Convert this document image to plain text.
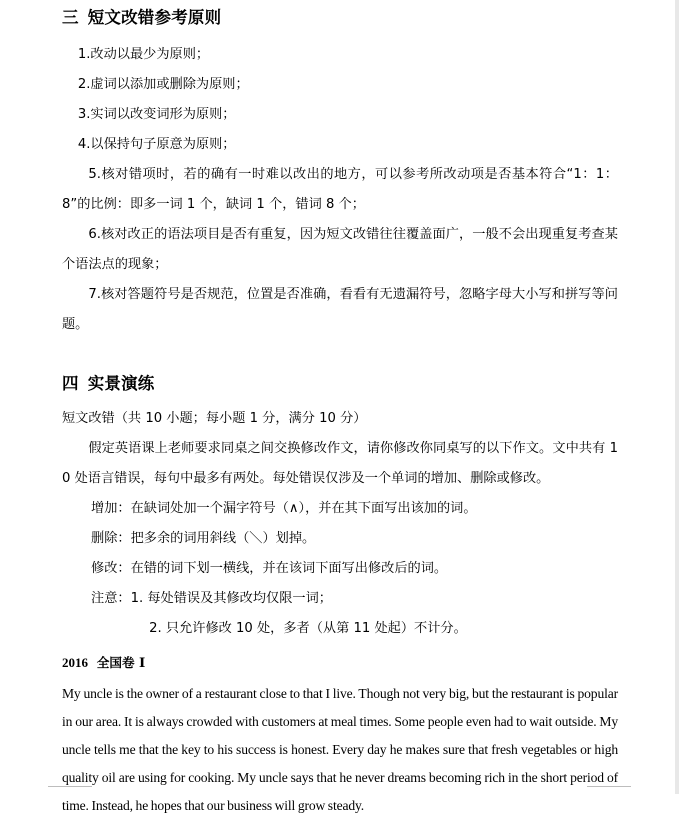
三 短文改错参考原则

1.改动以最少为原则；

2.虚词以添加或删除为原则；

3.实词以改变词形为原则；

4.以保持句子原意为原则；

5.核对错项时，若的确有一时难以改出的地方，可以参考所改动项是否基本符合“1：1：8”的比例：即多一词 1 个，缺词 1 个，错词 8 个；

6.核对改正的语法项目是否有重复，因为短文改错往往覆盖面广，一般不会出现重复考查某个语法点的现象；

7.核对答题符号是否规范，位置是否准确，看看有无遗漏符号，忽略字母大小写和拼写等问题。

四 实景演练

短文改错（共 10 小题；每小题 1 分，满分 10 分）

假定英语课上老师要求同桌之间交换修改作文，请你修改你同桌写的以下作文。文中共有 10 处语言错误，每句中最多有两处。每处错误仅涉及一个单词的增加、删除或修改。

增加：在缺词处加一个漏字符号（∧），并在其下面写出该加的词。

删除：把多余的词用斜线（＼）划掉。

修改：在错的词下划一横线，并在该词下面写出修改后的词。

注意：1. 每处错误及其修改均仅限一词；

2. 只允许修改 10 处，多者（从第 11 处起）不计分。

2016 全国卷 Ⅰ

My uncle is the owner of a restaurant close to that I live. Though not very big, but the restaurant is popular in our area. It is always crowded with customers at meal times. Some people even had to wait outside. My uncle tells me that the key to his success is honest. Every day he makes sure that fresh vegetables or high quality oil are using for cooking. My uncle says that he never dreams becoming rich in the short period of time. Instead, he hopes that our business will grow steady.
